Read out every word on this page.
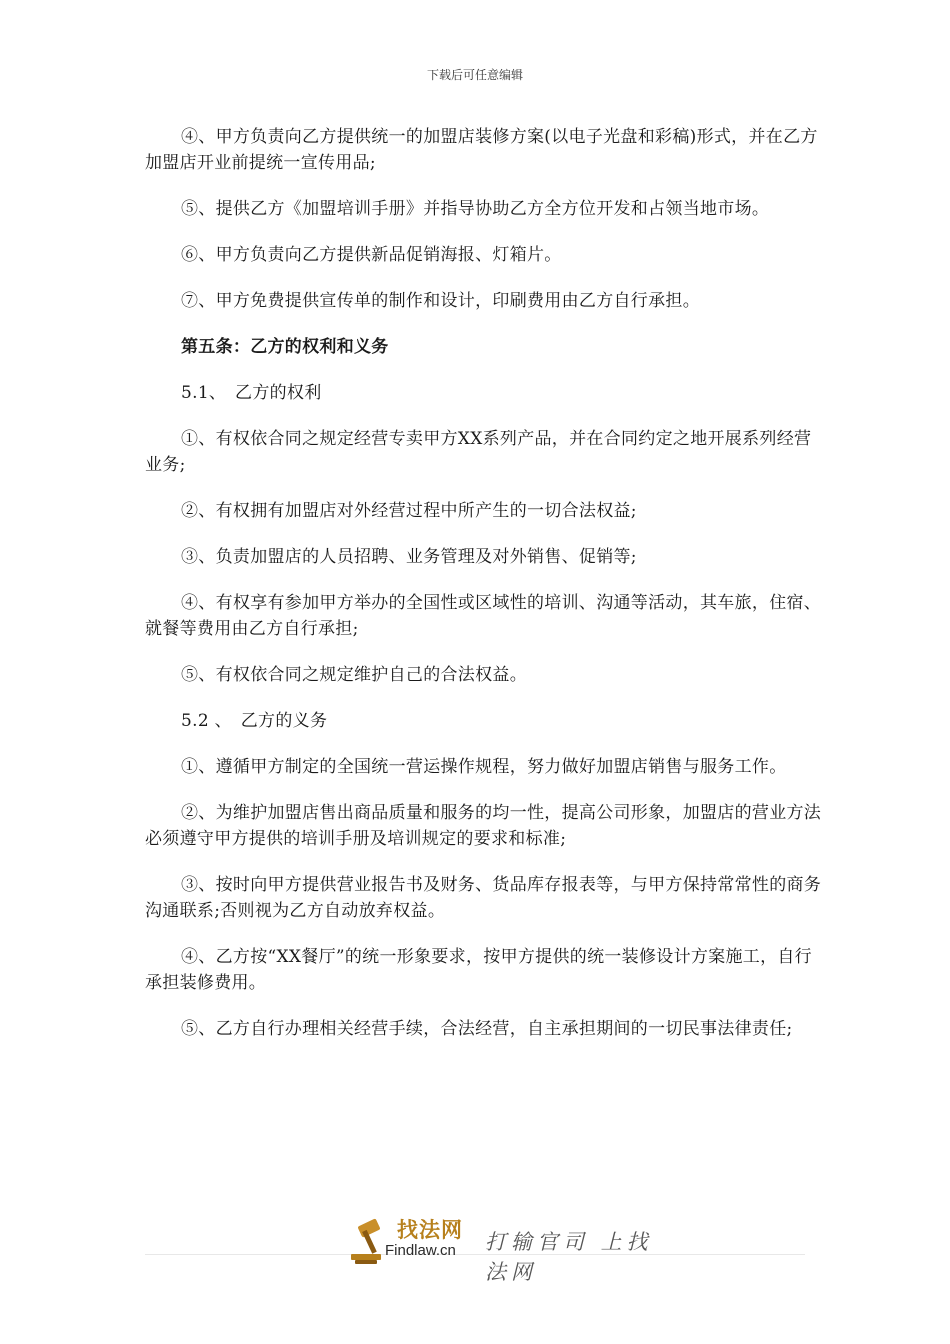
下载后可任意编辑

④、甲方负责向乙方提供统一的加盟店装修方案(以电子光盘和彩稿)形式，并在乙方加盟店开业前提统一宣传用品;

⑤、提供乙方《加盟培训手册》并指导协助乙方全方位开发和占领当地市场。

⑥、甲方负责向乙方提供新品促销海报、灯箱片。

⑦、甲方免费提供宣传单的制作和设计，印刷费用由乙方自行承担。

第五条：乙方的权利和义务

5.1、　乙方的权利

①、有权依合同之规定经营专卖甲方XX系列产品，并在合同约定之地开展系列经营业务;

②、有权拥有加盟店对外经营过程中所产生的一切合法权益;

③、负责加盟店的人员招聘、业务管理及对外销售、促销等;

④、有权享有参加甲方举办的全国性或区域性的培训、沟通等活动，其车旅，住宿、就餐等费用由乙方自行承担;

⑤、有权依合同之规定维护自己的合法权益。

5.2 、　乙方的义务

①、遵循甲方制定的全国统一营运操作规程，努力做好加盟店销售与服务工作。

②、为维护加盟店售出商品质量和服务的均一性，提高公司形象，加盟店的营业方法必须遵守甲方提供的培训手册及培训规定的要求和标准;

③、按时向甲方提供营业报告书及财务、货品库存报表等，与甲方保持常常性的商务沟通联系;否则视为乙方自动放弃权益。

④、乙方按“XX餐厅”的统一形象要求，按甲方提供的统一装修设计方案施工，自行承担装修费用。

⑤、乙方自行办理相关经营手续，合法经营，自主承担期间的一切民事法律责任;

找法网
Findlaw.cn 打输官司 上找法网
